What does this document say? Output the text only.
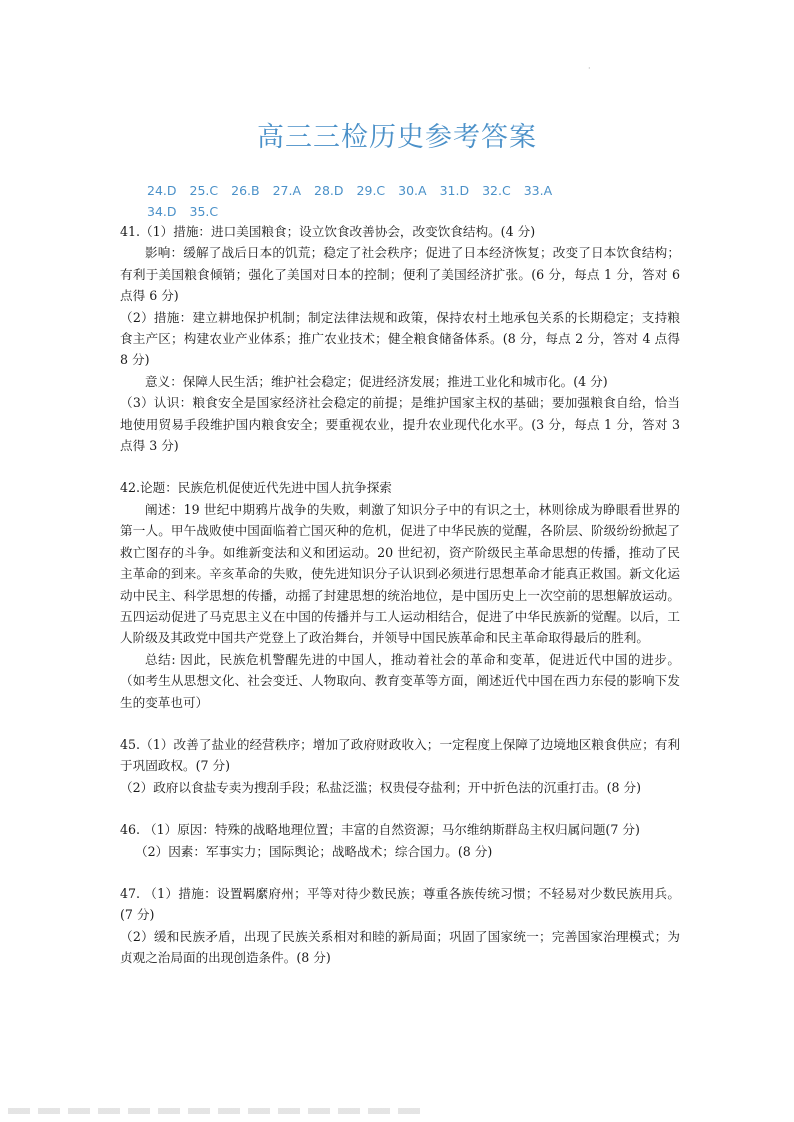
·
高三三检历史参考答案
24.D 25.C 26.B 27.A 28.D 29.C 30.A 31.D 32.C 33.A
34.D 35.C

41.（1）措施：进口美国粮食；设立饮食改善协会，改变饮食结构。(4 分)

影响：缓解了战后日本的饥荒；稳定了社会秩序；促进了日本经济恢复；改变了日本饮食结构；有利于美国粮食倾销；强化了美国对日本的控制；便利了美国经济扩张。(6 分，每点 1 分，答对 6 点得 6 分)

（2）措施：建立耕地保护机制；制定法律法规和政策，保持农村土地承包关系的长期稳定；支持粮食主产区；构建农业产业体系；推广农业技术；健全粮食储备体系。(8 分，每点 2 分，答对 4 点得 8 分)

意义：保障人民生活；维护社会稳定；促进经济发展；推进工业化和城市化。(4 分)

（3）认识：粮食安全是国家经济社会稳定的前提；是维护国家主权的基础；要加强粮食自给，恰当地使用贸易手段维护国内粮食安全；要重视农业，提升农业现代化水平。(3 分，每点 1 分，答对 3 点得 3 分)

42.论题：民族危机促使近代先进中国人抗争探索

阐述：19 世纪中期鸦片战争的失败，刺激了知识分子中的有识之士，林则徐成为睁眼看世界的第一人。甲午战败使中国面临着亡国灭种的危机，促进了中华民族的觉醒，各阶层、阶级纷纷掀起了救亡图存的斗争。如维新变法和义和团运动。20 世纪初，资产阶级民主革命思想的传播，推动了民主革命的到来。辛亥革命的失败，使先进知识分子认识到必须进行思想革命才能真正救国。新文化运动中民主、科学思想的传播，动摇了封建思想的统治地位，是中国历史上一次空前的思想解放运动。五四运动促进了马克思主义在中国的传播并与工人运动相结合，促进了中华民族新的觉醒。以后，工人阶级及其政党中国共产党登上了政治舞台，并领导中国民族革命和民主革命取得最后的胜利。

总结: 因此，民族危机警醒先进的中国人，推动着社会的革命和变革，促进近代中国的进步。 （如考生从思想文化、社会变迁、人物取向、教育变革等方面，阐述近代中国在西力东侵的影响下发生的变革也可）

45.（1）改善了盐业的经营秩序；增加了政府财政收入；一定程度上保障了边境地区粮食供应；有利于巩固政权。(7 分)

（2）政府以食盐专卖为搜刮手段；私盐泛滥；权贵侵夺盐利；开中折色法的沉重打击。(8 分)

46. （1）原因：特殊的战略地理位置；丰富的自然资源；马尔维纳斯群岛主权归属问题(7 分)

（2）因素：军事实力；国际舆论；战略战术；综合国力。(8 分)

47. （1）措施：设置羁縻府州；平等对待少数民族；尊重各族传统习惯；不轻易对少数民族用兵。 (7 分)

（2）缓和民族矛盾，出现了民族关系相对和睦的新局面；巩固了国家统一；完善国家治理模式；为贞观之治局面的出现创造条件。(8 分)
